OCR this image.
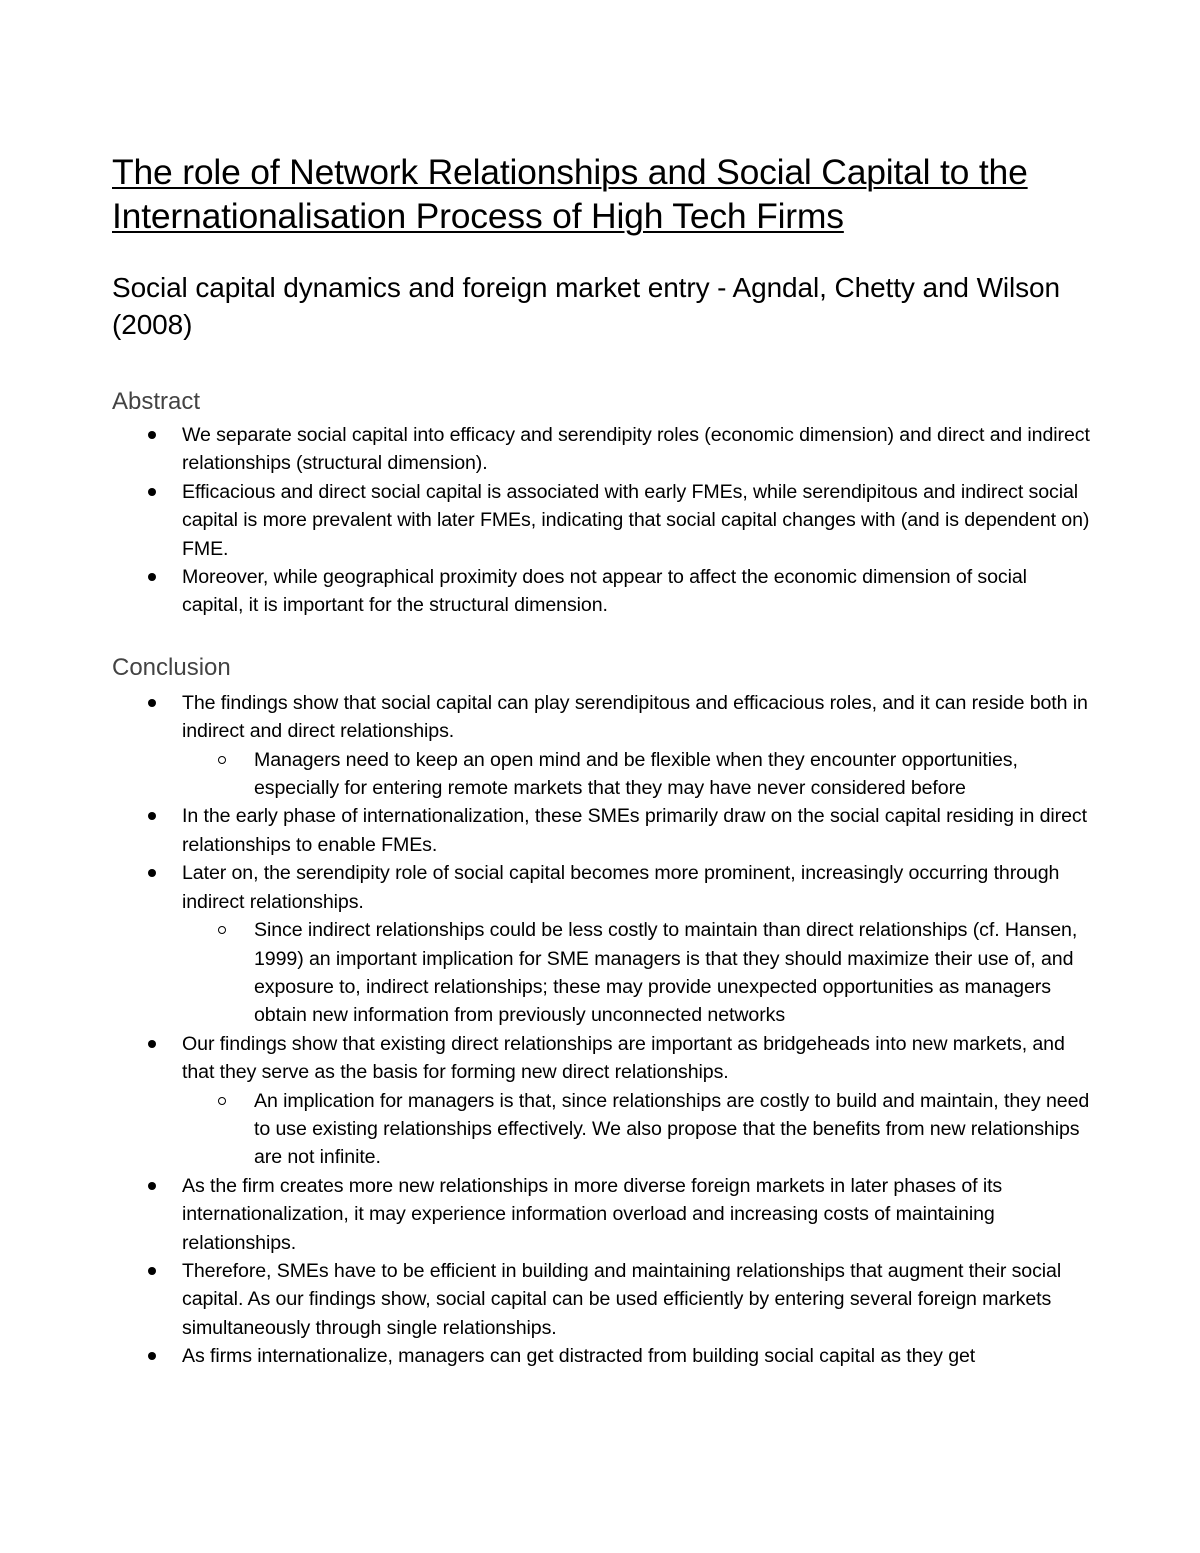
The role of Network Relationships and Social Capital to the Internationalisation Process of High Tech Firms
Social capital dynamics and foreign market entry - Agndal, Chetty and Wilson (2008)
Abstract
We separate social capital into efficacy and serendipity roles (economic dimension) and direct and indirect relationships (structural dimension).
Efficacious and direct social capital is associated with early FMEs, while serendipitous and indirect social capital is more prevalent with later FMEs, indicating that social capital changes with (and is dependent on) FME.
Moreover, while geographical proximity does not appear to affect the economic dimension of social capital, it is important for the structural dimension.
Conclusion
The findings show that social capital can play serendipitous and efficacious roles, and it can reside both in indirect and direct relationships.
Managers need to keep an open mind and be flexible when they encounter opportunities, especially for entering remote markets that they may have never considered before
In the early phase of internationalization, these SMEs primarily draw on the social capital residing in direct relationships to enable FMEs.
Later on, the serendipity role of social capital becomes more prominent, increasingly occurring through indirect relationships.
Since indirect relationships could be less costly to maintain than direct relationships (cf. Hansen, 1999) an important implication for SME managers is that they should maximize their use of, and exposure to, indirect relationships; these may provide unexpected opportunities as managers obtain new information from previously unconnected networks
Our findings show that existing direct relationships are important as bridgeheads into new markets, and that they serve as the basis for forming new direct relationships.
An implication for managers is that, since relationships are costly to build and maintain, they need to use existing relationships effectively. We also propose that the benefits from new relationships are not infinite.
As the firm creates more new relationships in more diverse foreign markets in later phases of its internationalization, it may experience information overload and increasing costs of maintaining relationships.
Therefore, SMEs have to be efficient in building and maintaining relationships that augment their social capital. As our findings show, social capital can be used efficiently by entering several foreign markets simultaneously through single relationships.
As firms internationalize, managers can get distracted from building social capital as they get
